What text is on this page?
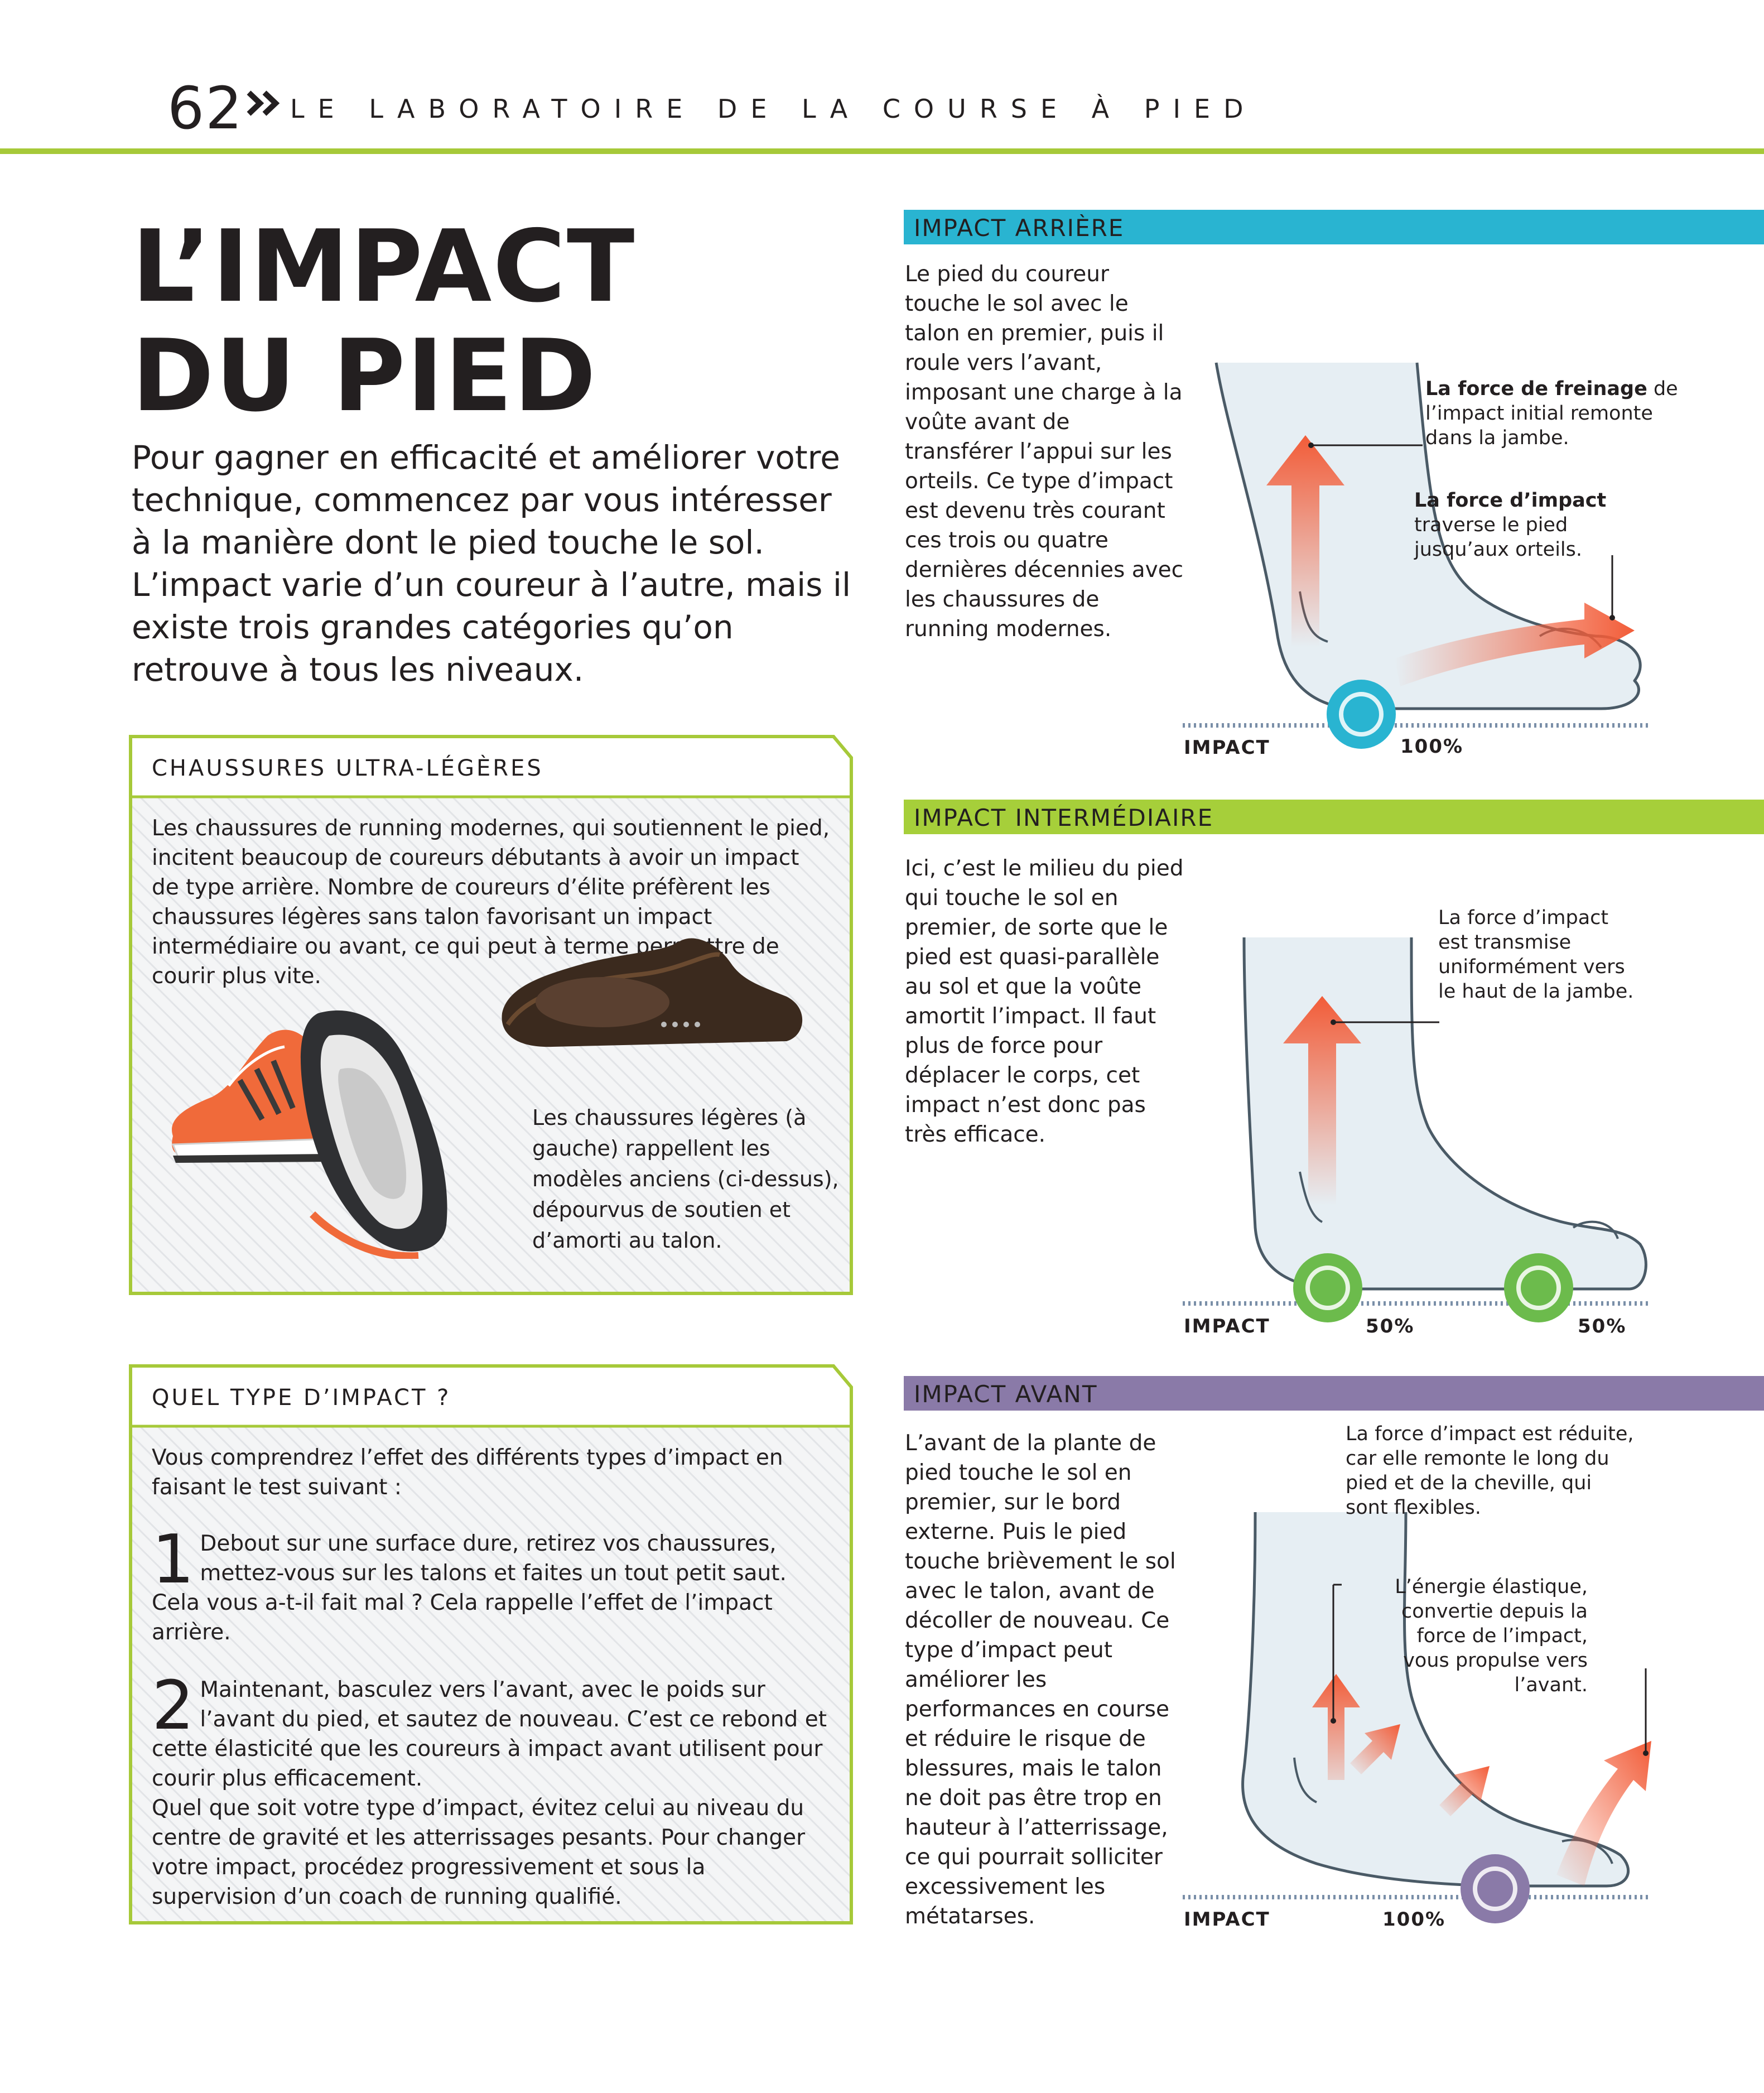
62 LE LABORATOIRE DE LA COURSE À PIED
L’IMPACT
DU PIED

Pour gagner en efficacité et améliorer votre technique, commencez par vous intéresser à la manière dont le pied touche le sol. L’impact varie d’un coureur à l’autre, mais il existe trois grandes catégories qu’on retrouve à tous les niveaux.

CHAUSSURES ULTRA-LÉGÈRES

Les chaussures de running modernes, qui soutiennent le pied, incitent beaucoup de coureurs débutants à avoir un impact de type arrière. Nombre de coureurs d’élite préfèrent les chaussures légères sans talon favorisant un impact intermédiaire ou avant, ce qui peut à terme permettre de courir plus vite.

Les chaussures légères (à gauche) rappellent les modèles anciens (ci-dessus), dépourvus de soutien et d’amorti au talon.

QUEL TYPE D’IMPACT ?

Vous comprendrez l’effet des différents types d’impact en faisant le test suivant :

1 Debout sur une surface dure, retirez vos chaussures, mettez-vous sur les talons et faites un tout petit saut. Cela vous a-t-il fait mal ? Cela rappelle l’effet de l’impact arrière.

2 Maintenant, basculez vers l’avant, avec le poids sur l’avant du pied, et sautez de nouveau. C’est ce rebond et cette élasticité que les coureurs à impact avant utilisent pour courir plus efficacement.

Quel que soit votre type d’impact, évitez celui au niveau du centre de gravité et les atterrissages pesants. Pour changer votre impact, procédez progressivement et sous la supervision d’un coach de running qualifié.

IMPACT ARRIÈRE

Le pied du coureur touche le sol avec le talon en premier, puis il roule vers l’avant, imposant une charge à la voûte avant de transférer l’appui sur les orteils. Ce type d’impact est devenu très courant ces trois ou quatre dernières décennies avec les chaussures de running modernes.

La force de freinage de l’impact initial remonte dans la jambe.
La force d’impact
traverse le pied jusqu’aux orteils.
IMPACT	100%
IMPACT INTERMÉDIAIRE

Ici, c’est le milieu du pied qui touche le sol en premier, de sorte que le pied est quasi-parallèle au sol et que la voûte amortit l’impact. Il faut plus de force pour déplacer le corps, cet impact n’est donc pas très efficace.

La force d’impact est transmise uniformément vers le haut de la jambe.
IMPACT	50%	50%
IMPACT AVANT

L’avant de la plante de pied touche le sol en premier, sur le bord externe. Puis le pied touche brièvement le sol avec le talon, avant de décoller de nouveau. Ce type d’impact peut améliorer les performances en course et réduire le risque de blessures, mais le talon ne doit pas être trop en hauteur à l’atterrissage, ce qui pourrait solliciter excessivement les métatarses.

La force d’impact est réduite, car elle remonte le long du pied et de la cheville, qui sont flexibles.
L’énergie élastique, convertie depuis la force de l’impact, vous propulse vers l’avant.
IMPACT	100%
